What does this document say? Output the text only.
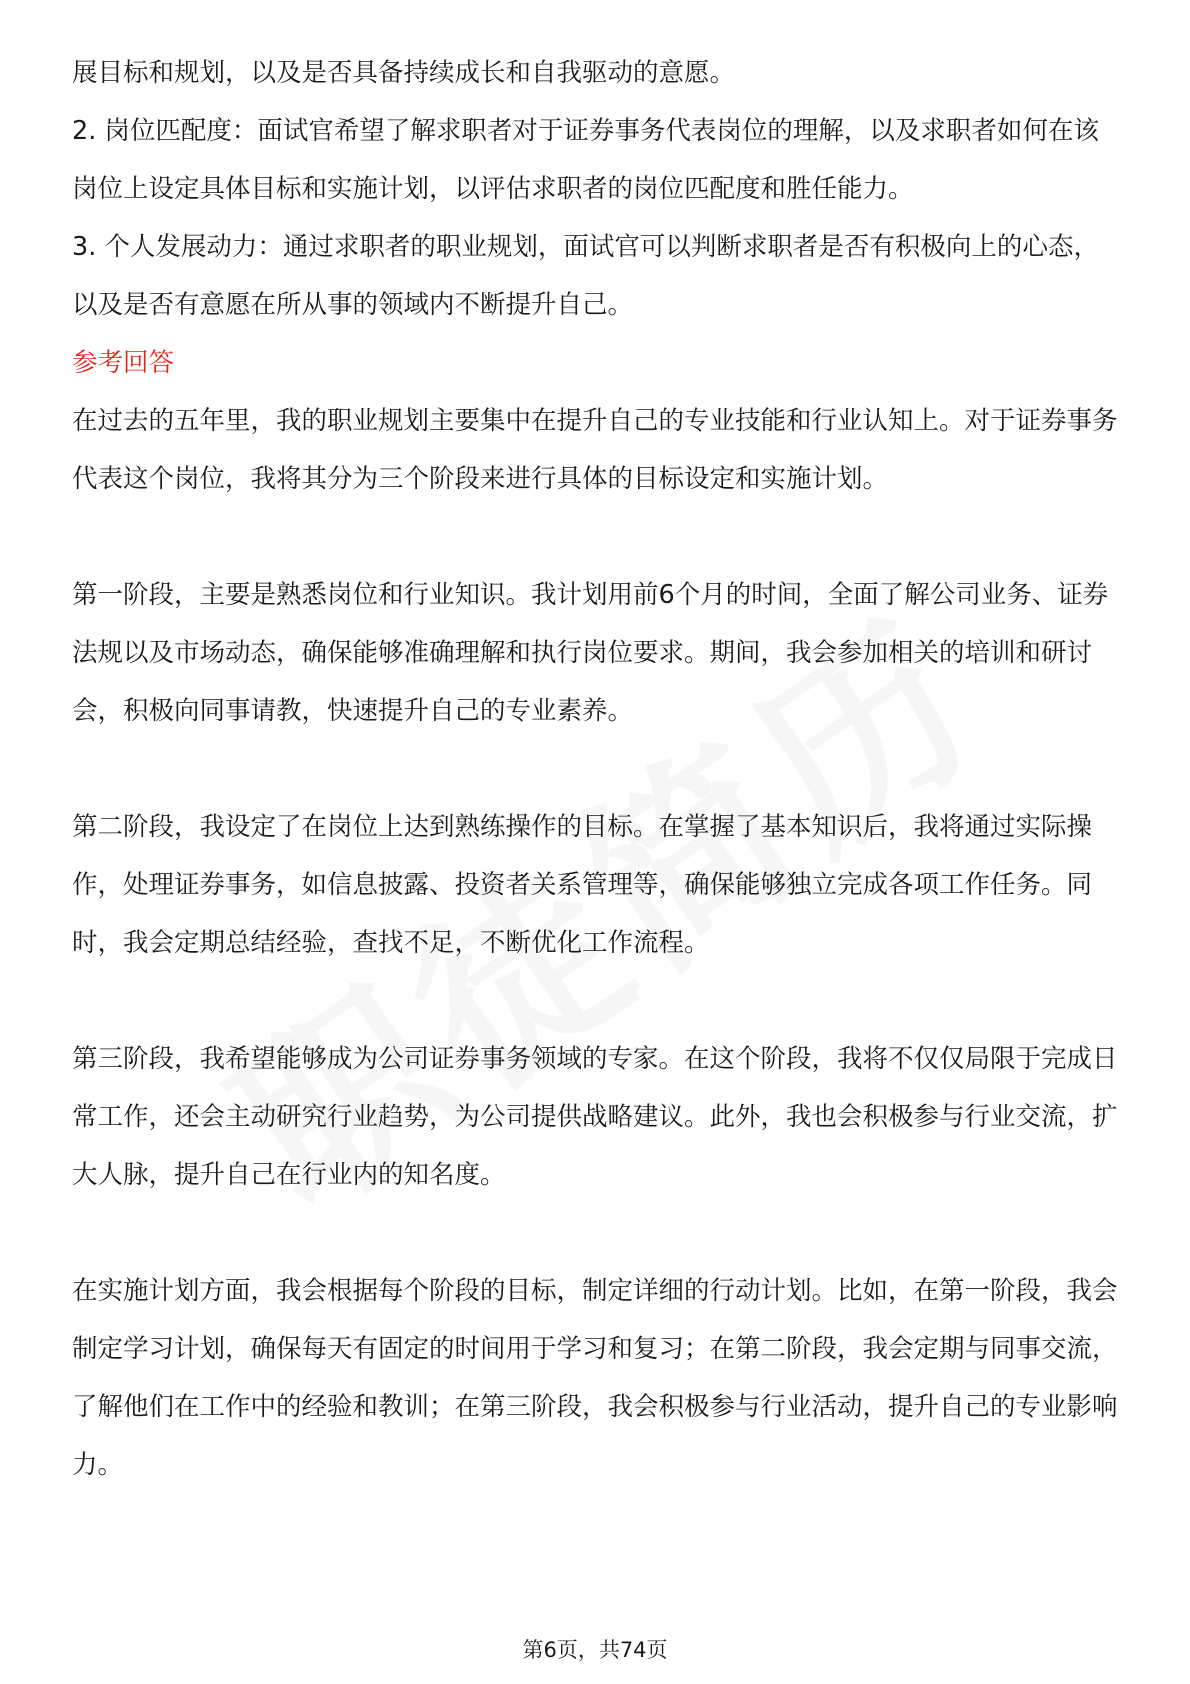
展目标和规划，以及是否具备持续成长和自我驱动的意愿。

2. 岗位匹配度：面试官希望了解求职者对于证券事务代表岗位的理解，以及求职者如何在该岗位上设定具体目标和实施计划，以评估求职者的岗位匹配度和胜任能力。

3. 个人发展动力：通过求职者的职业规划，面试官可以判断求职者是否有积极向上的心态，以及是否有意愿在所从事的领域内不断提升自己。

参考回答

在过去的五年里，我的职业规划主要集中在提升自己的专业技能和行业认知上。对于证券事务代表这个岗位，我将其分为三个阶段来进行具体的目标设定和实施计划。

第一阶段，主要是熟悉岗位和行业知识。我计划用前6个月的时间，全面了解公司业务、证券法规以及市场动态，确保能够准确理解和执行岗位要求。期间，我会参加相关的培训和研讨会，积极向同事请教，快速提升自己的专业素养。

第二阶段，我设定了在岗位上达到熟练操作的目标。在掌握了基本知识后，我将通过实际操作，处理证券事务，如信息披露、投资者关系管理等，确保能够独立完成各项工作任务。同时，我会定期总结经验，查找不足，不断优化工作流程。

第三阶段，我希望能够成为公司证券事务领域的专家。在这个阶段，我将不仅仅局限于完成日常工作，还会主动研究行业趋势，为公司提供战略建议。此外，我也会积极参与行业交流，扩大人脉，提升自己在行业内的知名度。

在实施计划方面，我会根据每个阶段的目标，制定详细的行动计划。比如，在第一阶段，我会制定学习计划，确保每天有固定的时间用于学习和复习；在第二阶段，我会定期与同事交流，了解他们在工作中的经验和教训；在第三阶段，我会积极参与行业活动，提升自己的专业影响力。

第6页，共74页
